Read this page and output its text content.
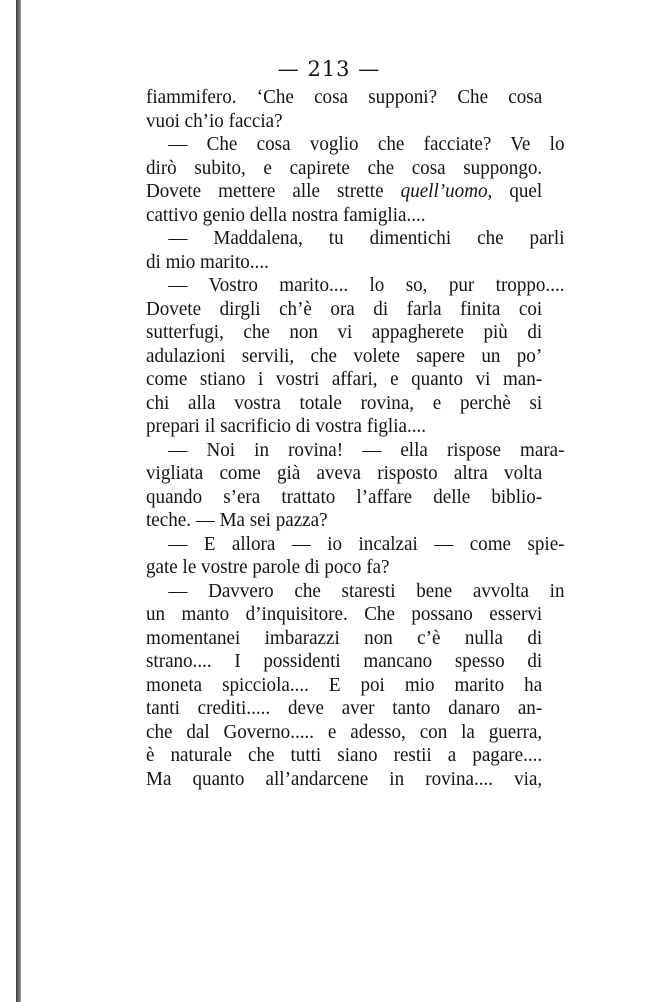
— 213 —
fiammifero. ‘Che cosa supponi? Che cosa
vuoi ch’io faccia?
— Che cosa voglio che facciate? Ve lo
dirò subito, e capirete che cosa suppongo.
Dovete mettere alle strette quell’uomo, quel
cattivo genio della nostra famiglia....
— Maddalena, tu dimentichi che parli
di mio marito....
— Vostro marito.... lo so, pur troppo....
Dovete dirgli ch’è ora di farla finita coi
sutterfugi, che non vi appagherete più di
adulazioni servili, che volete sapere un po’
come stiano i vostri affari, e quanto vi man-
chi alla vostra totale rovina, e perchè si
prepari il sacrificio di vostra figlia....
— Noi in rovina! — ella rispose mara-
vigliata come già aveva risposto altra volta
quando s’era trattato l’affare delle biblio-
teche. — Ma sei pazza?
— E allora — io incalzai — come spie-
gate le vostre parole di poco fa?
— Davvero che staresti bene avvolta in
un manto d’inquisitore. Che possano esservi
momentanei imbarazzi non c’è nulla di
strano.... I possidenti mancano spesso di
moneta spicciola.... E poi mio marito ha
tanti crediti..... deve aver tanto danaro an-
che dal Governo..... e adesso, con la guerra,
è naturale che tutti siano restii a pagare....
Ma quanto all’andarcene in rovina.... via,
